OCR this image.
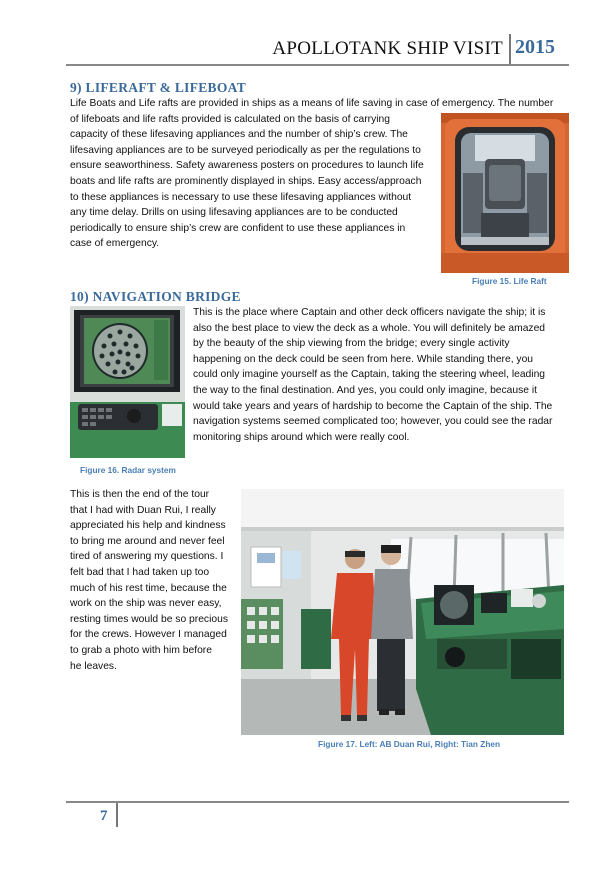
APOLLOTANK SHIP VISIT 2015
9) LIFERAFT & LIFEBOAT
Life Boats and Life rafts are provided in ships as a means of life saving in case of emergency. The number
of lifeboats and life rafts provided is calculated on the basis of carrying
capacity of these lifesaving appliances and the number of ship’s crew. The
lifesaving appliances are to be surveyed periodically as per the regulations to
ensure seaworthiness. Safety awareness posters on procedures to launch life
boats and life rafts are prominently displayed in ships. Easy access/approach
to these appliances is necessary to use these lifesaving appliances without
any time delay. Drills on using lifesaving appliances are to be conducted
periodically to ensure ship’s crew are confident to use these appliances in
case of emergency.
Figure 15. Life Raft
10) NAVIGATION BRIDGE
Figure 16. Radar system
This is the place where Captain and other deck officers navigate the ship; it is
also the best place to view the deck as a whole. You will definitely be amazed
by the beauty of the ship viewing from the bridge; every single activity
happening on the deck could be seen from here. While standing there, you
could only imagine yourself as the Captain, taking the steering wheel, leading
the way to the final destination. And yes, you could only imagine, because it
would take years and years of hardship to become the Captain of the ship. The
navigation systems seemed complicated too; however, you could see the radar
monitoring ships around which were really cool.
This is then the end of the tour
that I had with Duan Rui, I really
appreciated his help and kindness
to bring me around and never feel
tired of answering my questions. I
felt bad that I had taken up too
much of his rest time, because the
work on the ship was never easy,
resting times would be so precious
for the crews. However I managed
to grab a photo with him before
he leaves.
Figure 17. Left: AB Duan Rui, Right: Tian Zhen
7
